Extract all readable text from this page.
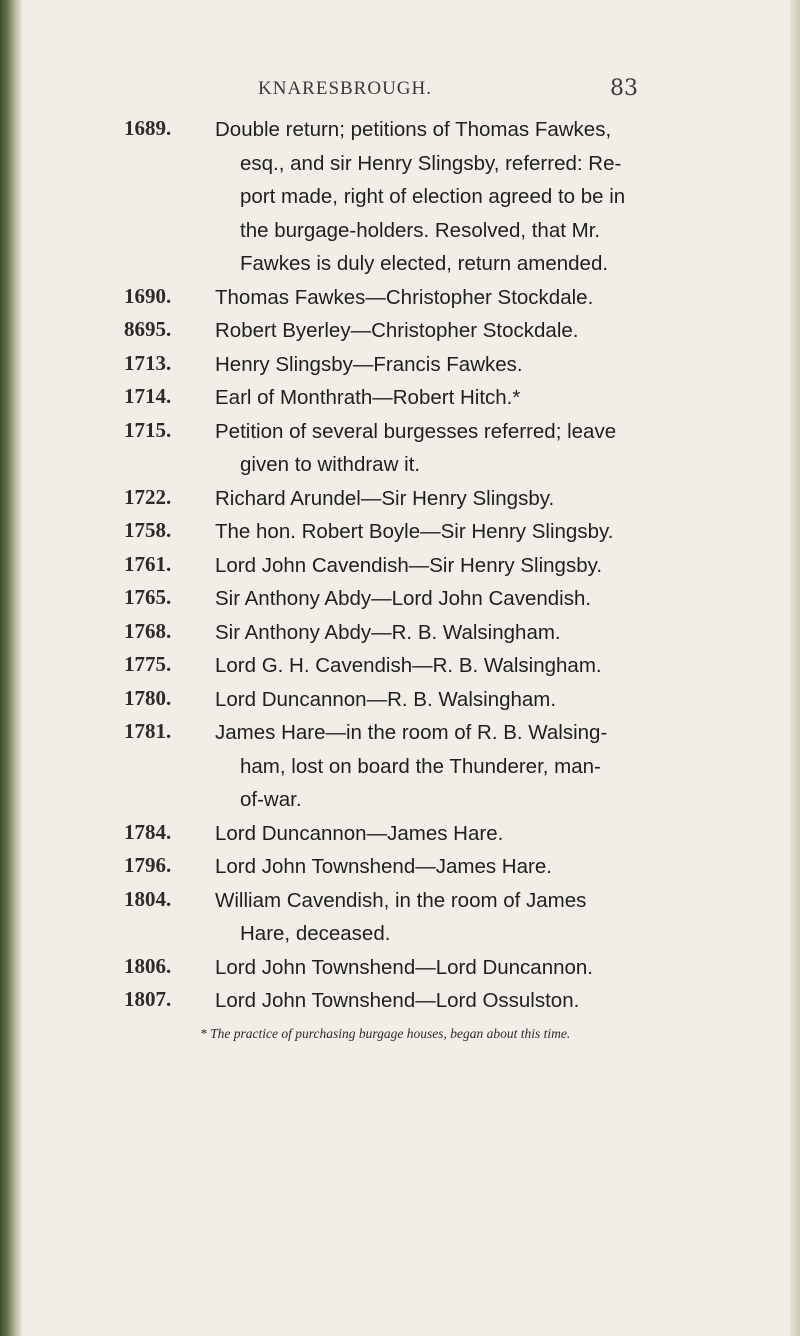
KNARESBROUGH.	83
1689.	Double return; petitions of Thomas Fawkes,
esq., and sir Henry Slingsby, referred: Re-
port made, right of election agreed to be in
the burgage-holders. Resolved, that Mr.
Fawkes is duly elected, return amended.
1690.	Thomas Fawkes—Christopher Stockdale.
8695.	Robert Byerley—Christopher Stockdale.
1713.	Henry Slingsby—Francis Fawkes.
1714.	Earl of Monthrath—Robert Hitch.*
1715.	Petition of several burgesses referred; leave
given to withdraw it.
1722.	Richard Arundel—Sir Henry Slingsby.
1758.	The hon. Robert Boyle—Sir Henry Slingsby.
1761.	Lord John Cavendish—Sir Henry Slingsby.
1765.	Sir Anthony Abdy—Lord John Cavendish.
1768.	Sir Anthony Abdy—R. B. Walsingham.
1775.	Lord G. H. Cavendish—R. B. Walsingham.
1780.	Lord Duncannon—R. B. Walsingham.
1781.	James Hare—in the room of R. B. Walsing-
ham, lost on board the Thunderer, man-
of-war.
1784.	Lord Duncannon—James Hare.
1796.	Lord John Townshend—James Hare.
1804.	William Cavendish, in the room of James
Hare, deceased.
1806.	Lord John Townshend—Lord Duncannon.
1807.	Lord John Townshend—Lord Ossulston.
* The practice of purchasing burgage houses, began about this time.
